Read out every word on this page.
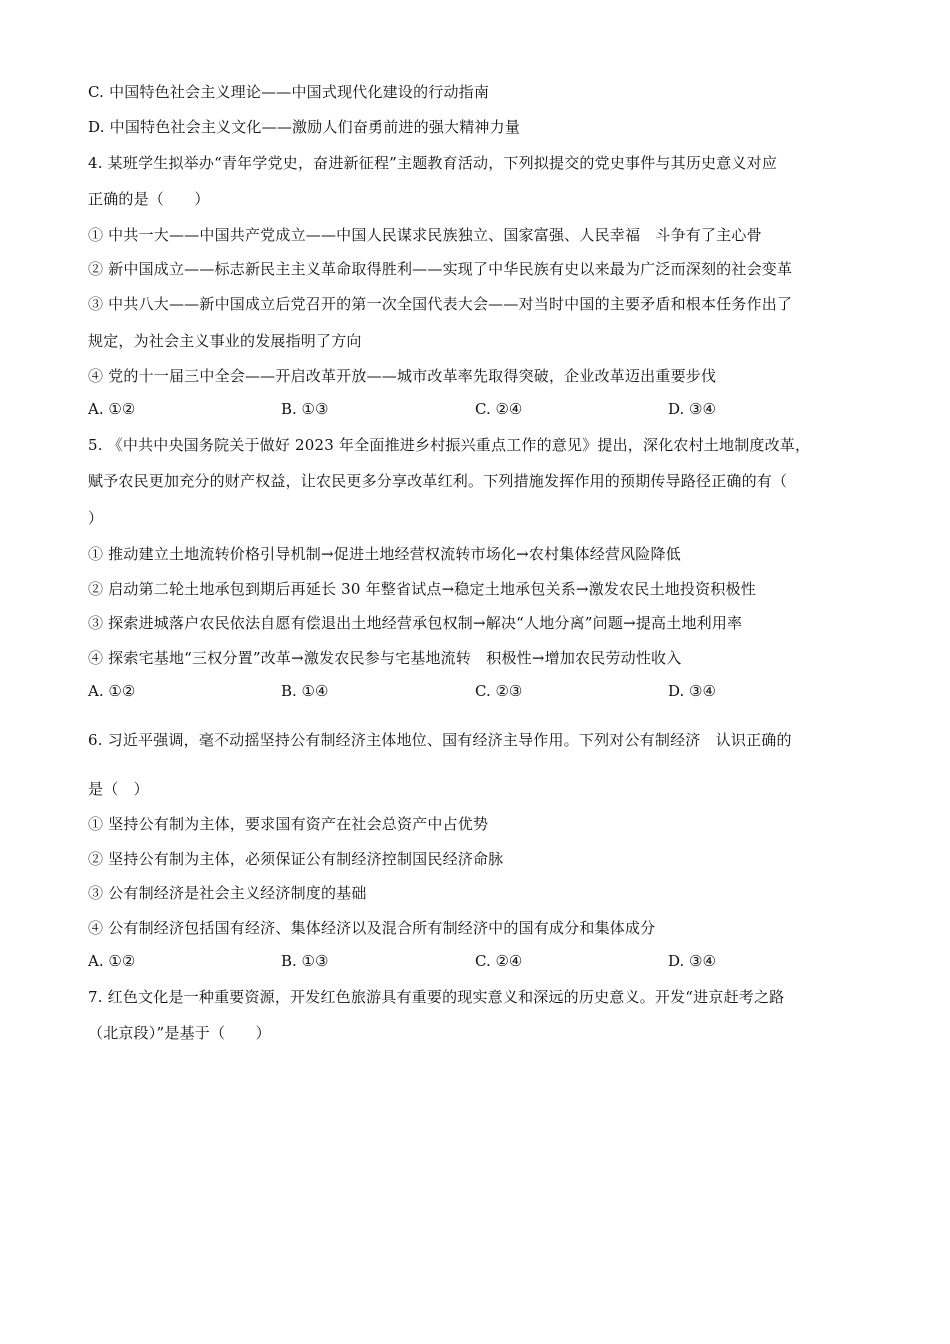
C. 中国特色社会主义理论——中国式现代化建设的行动指南
D. 中国特色社会主义文化——激励人们奋勇前进的强大精神力量
4. 某班学生拟举办“青年学党史，奋进新征程”主题教育活动，下列拟提交的党史事件与其历史意义对应
正确的是（　　）
① 中共一大——中国共产党成立——中国人民谋求民族独立、国家富强、人民幸福　斗争有了主心骨
② 新中国成立——标志新民主主义革命取得胜利——实现了中华民族有史以来最为广泛而深刻的社会变革
③ 中共八大——新中国成立后党召开的第一次全国代表大会——对当时中国的主要矛盾和根本任务作出了
规定，为社会主义事业的发展指明了方向
④ 党的十一届三中全会——开启改革开放——城市改革率先取得突破，企业改革迈出重要步伐
A. ①②	B. ①③	C. ②④	D. ③④
5. 《中共中央国务院关于做好 2023 年全面推进乡村振兴重点工作的意见》提出，深化农村土地制度改革，
赋予农民更加充分的财产权益，让农民更多分享改革红利。下列措施发挥作用的预期传导路径正确的有（
）
① 推动建立土地流转价格引导机制→促进土地经营权流转市场化→农村集体经营风险降低
② 启动第二轮土地承包到期后再延长 30 年整省试点→稳定土地承包关系→激发农民土地投资积极性
③ 探索进城落户农民依法自愿有偿退出土地经营承包权制→解决“人地分离”问题→提高土地利用率
④ 探索宅基地“三权分置”改革→激发农民参与宅基地流转　积极性→增加农民劳动性收入
A. ①②	B. ①④	C. ②③	D. ③④
6. 习近平强调，毫不动摇坚持公有制经济主体地位、国有经济主导作用。下列对公有制经济　认识正确的
是（　）
① 坚持公有制为主体，要求国有资产在社会总资产中占优势
② 坚持公有制为主体，必须保证公有制经济控制国民经济命脉
③ 公有制经济是社会主义经济制度的基础
④ 公有制经济包括国有经济、集体经济以及混合所有制经济中的国有成分和集体成分
A. ①②	B. ①③	C. ②④	D. ③④
7. 红色文化是一种重要资源，开发红色旅游具有重要的现实意义和深远的历史意义。开发“进京赶考之路
（北京段）”是基于（　　）
